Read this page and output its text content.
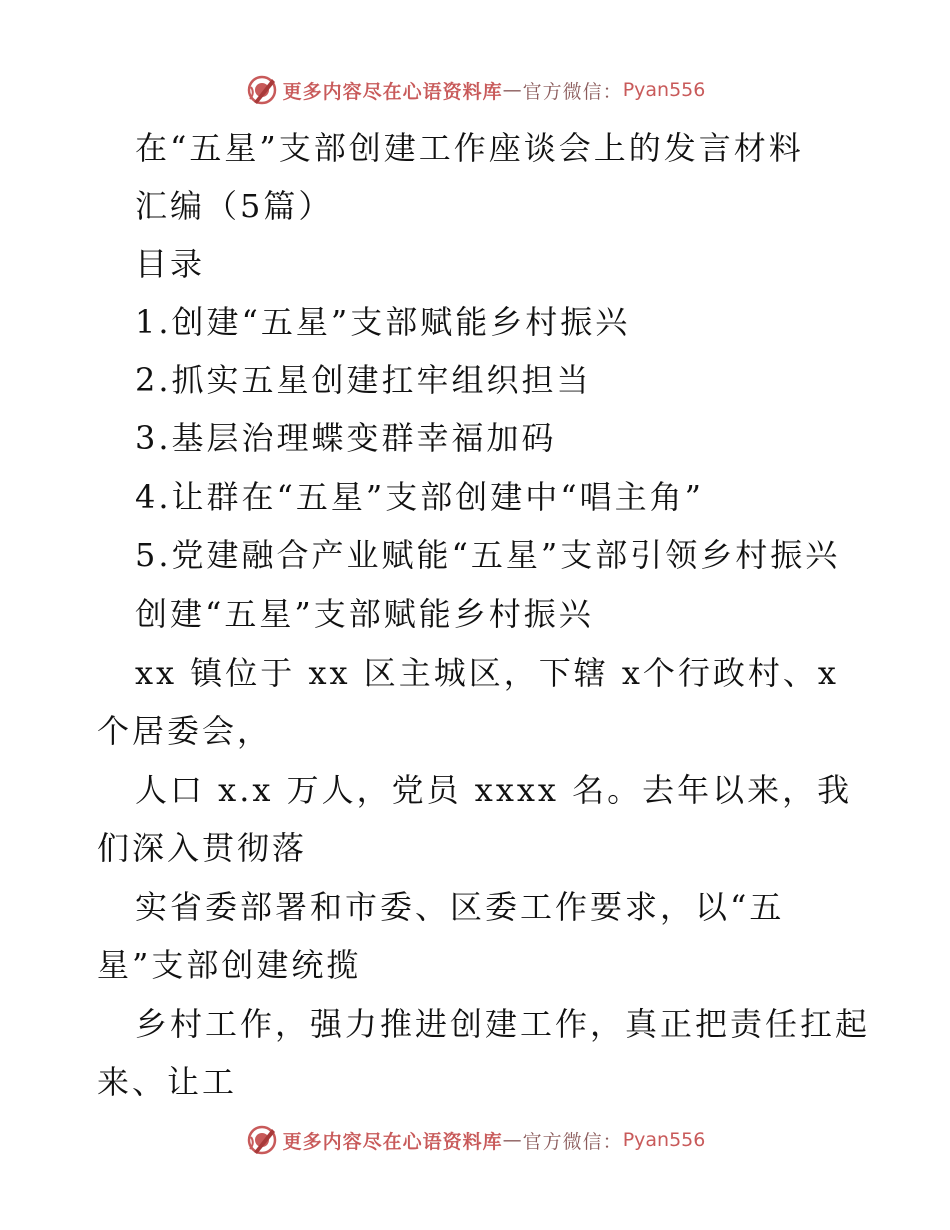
更多内容尽在心语资料库 — 官方微信： Pyan556
在“五星”支部创建工作座谈会上的发言材料
汇编（5篇）
目录
1.创建“五星”支部赋能乡村振兴
2.抓实五星创建扛牢组织担当
3.基层治理蝶变群幸福加码
4.让群在“五星”支部创建中“唱主角”
5.党建融合产业赋能“五星”支部引领乡村振兴
创建“五星”支部赋能乡村振兴
xx 镇位于 xx 区主城区，下辖 x个行政村、x
个居委会，
人口 x.x 万人，党员 xxxx 名。去年以来，我
们深入贯彻落
实省委部署和市委、区委工作要求，以“五
星”支部创建统揽
乡村工作，强力推进创建工作，真正把责任扛起
来、让工
更多内容尽在心语资料库 — 官方微信： Pyan556
